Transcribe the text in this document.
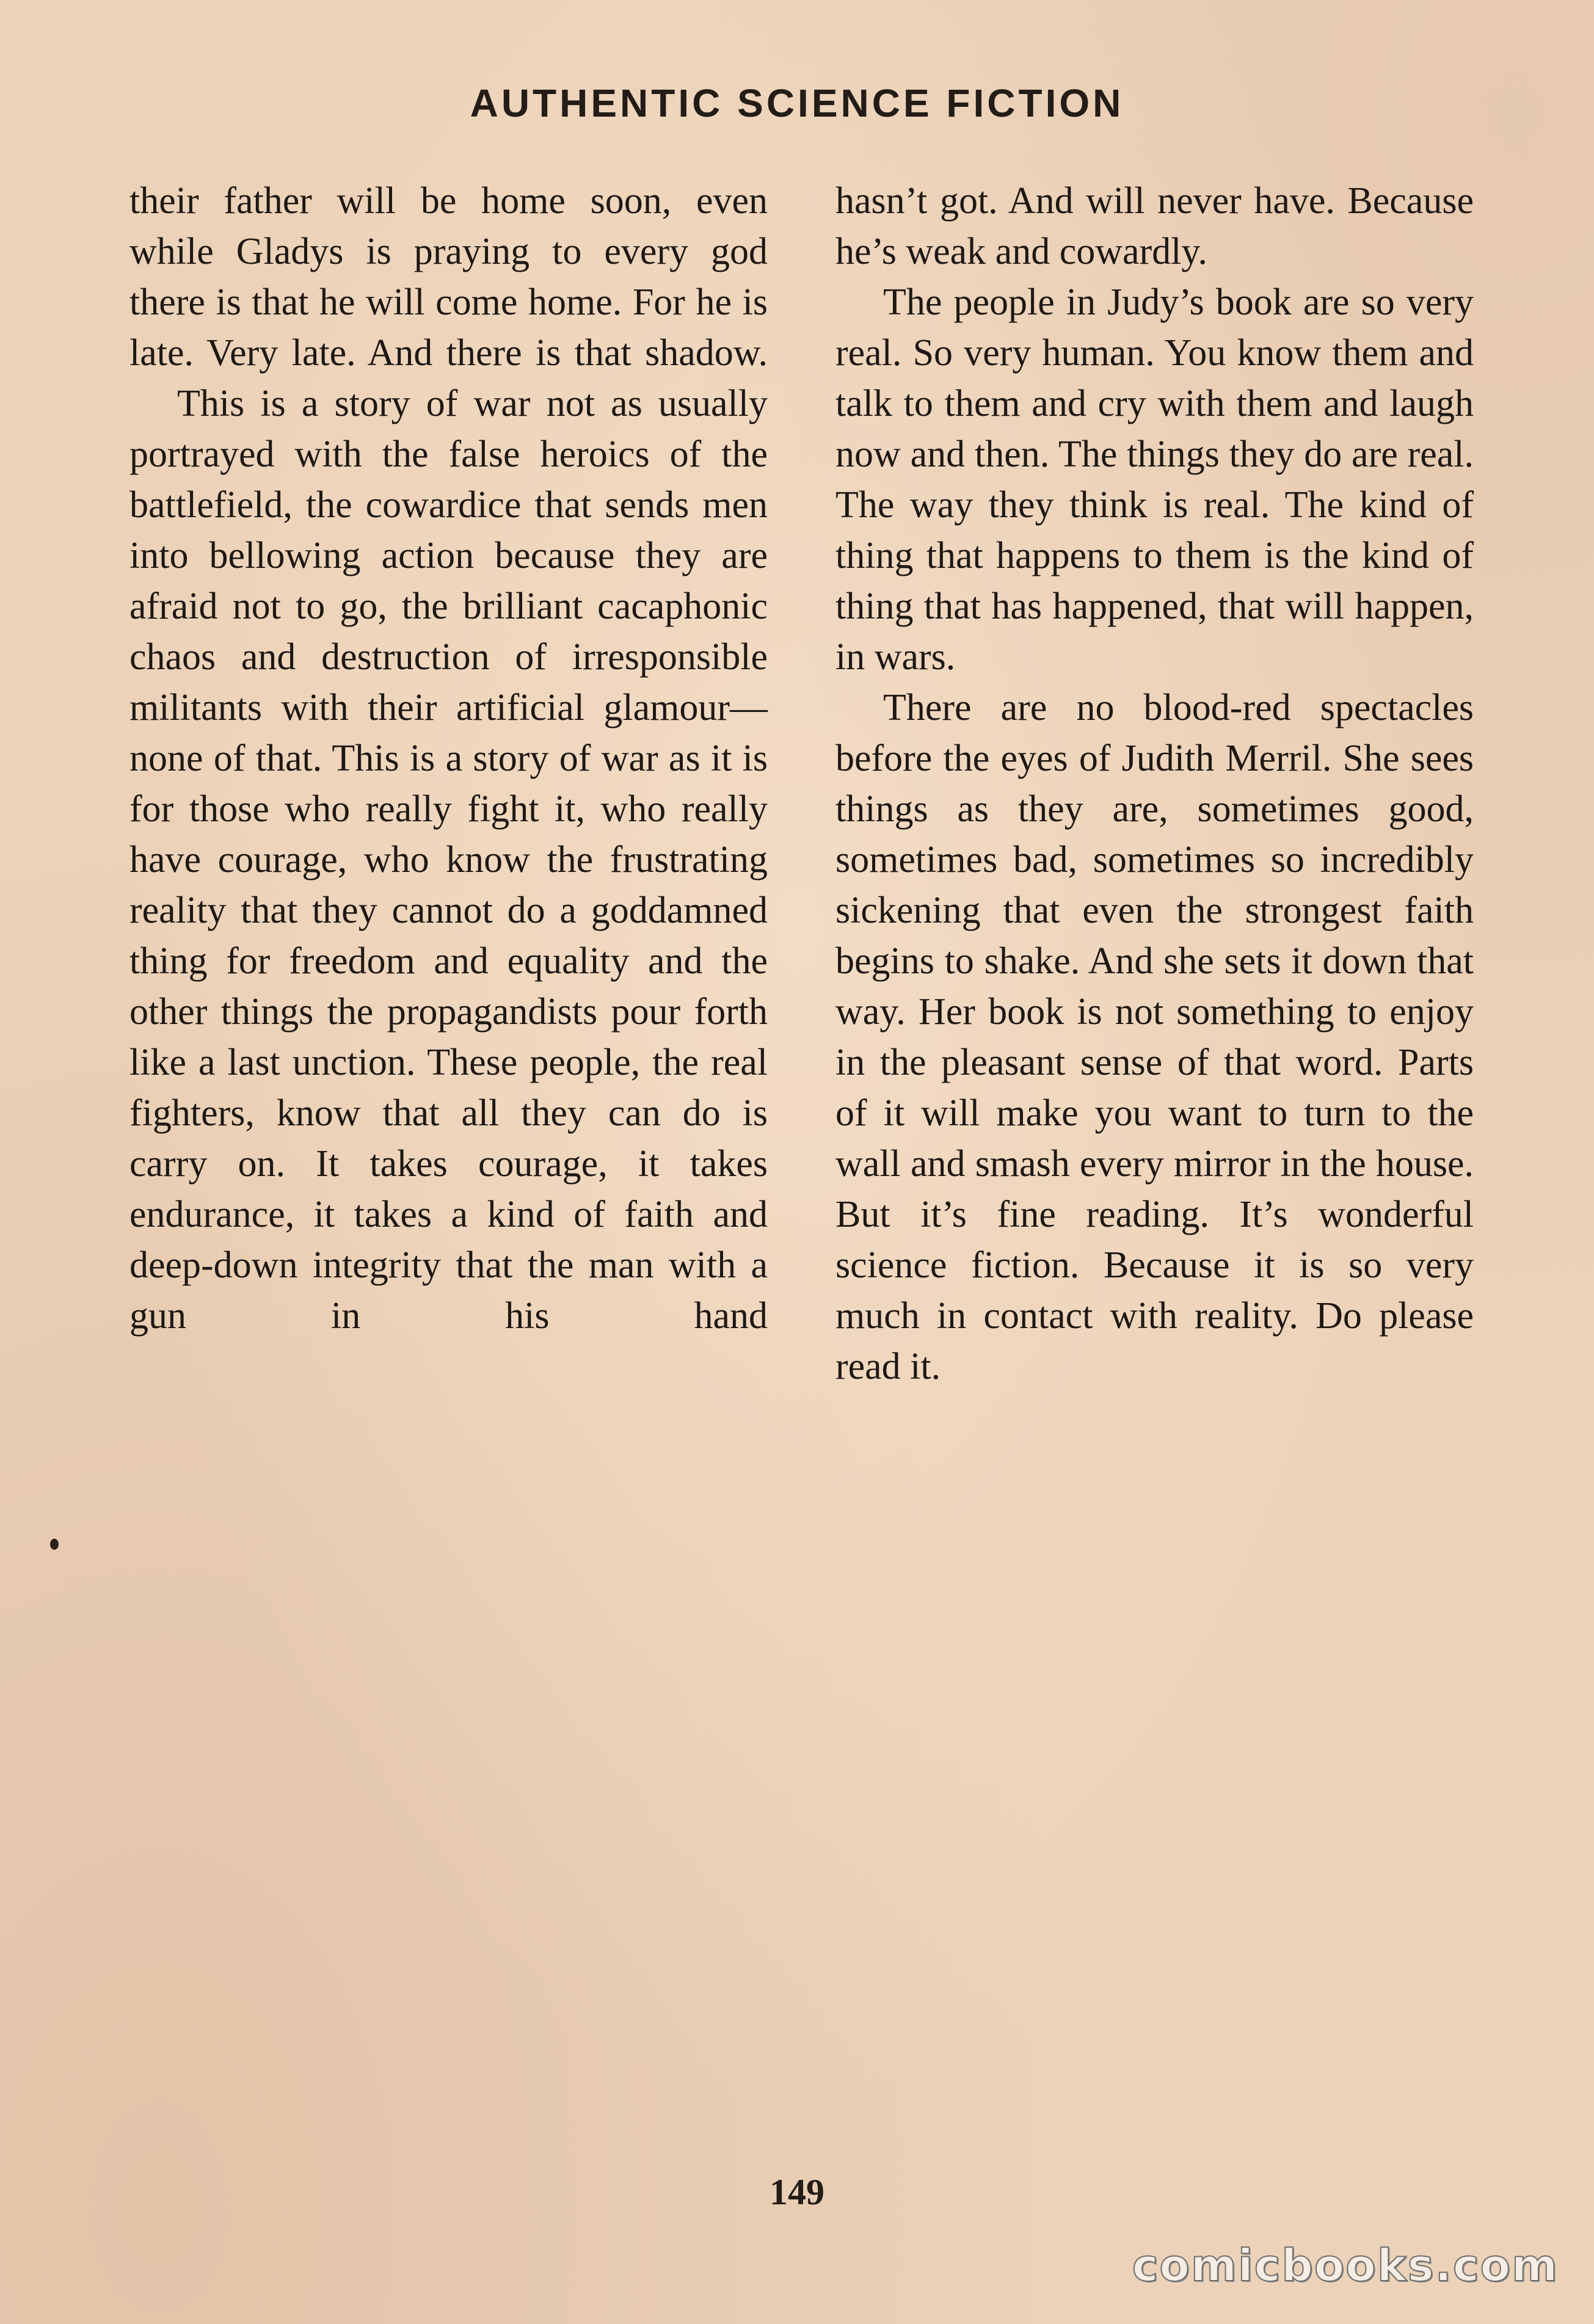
AUTHENTIC SCIENCE FICTION

their father will be home soon, even while Gladys is praying to every god there is that he will come home. For he is late. Very late. And there is that shadow.

This is a story of war not as usually portrayed with the false heroics of the battlefield, the cowardice that sends men into bellowing action because they are afraid not to go, the brilliant cacaphonic chaos and destruction of irresponsible militants with their artificial glamour—none of that. This is a story of war as it is for those who really fight it, who really have courage, who know the frustrating reality that they cannot do a goddamned thing for freedom and equality and the other things the propagandists pour forth like a last unction. These people, the real fighters, know that all they can do is carry on. It takes courage, it takes endurance, it takes a kind of faith and deep-down integrity that the man with a gun in his hand

hasn’t got. And will never have. Because he’s weak and cowardly.

The people in Judy’s book are so very real. So very human. You know them and talk to them and cry with them and laugh now and then. The things they do are real. The way they think is real. The kind of thing that happens to them is the kind of thing that has happened, that will happen, in wars.

There are no blood-red spectacles before the eyes of Judith Merril. She sees things as they are, sometimes good, sometimes bad, sometimes so incredibly sickening that even the strongest faith begins to shake. And she sets it down that way. Her book is not something to enjoy in the pleasant sense of that word. Parts of it will make you want to turn to the wall and smash every mirror in the house. But it’s fine reading. It’s wonderful science fiction. Because it is so very much in contact with reality. Do please read it.

149
comicbooks.com
